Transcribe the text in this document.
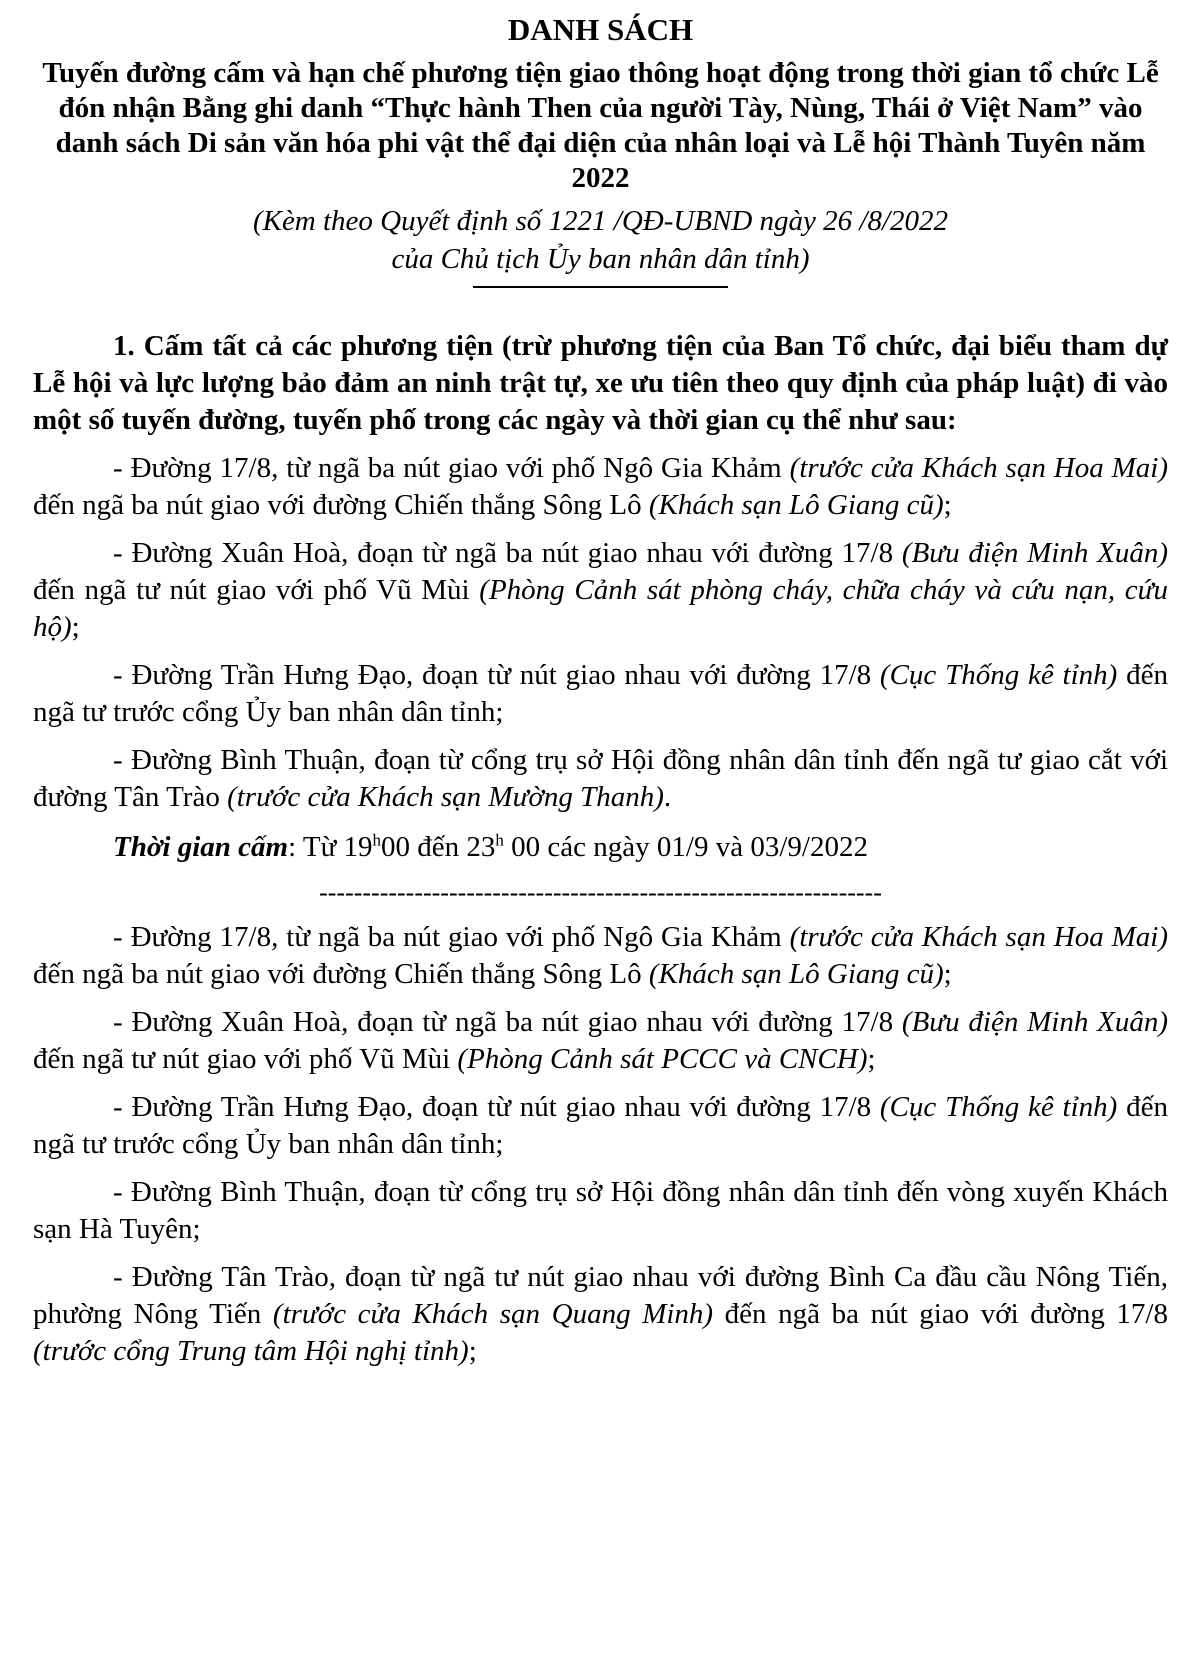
DANH SÁCH

Tuyến đường cấm và hạn chế phương tiện giao thông hoạt động trong thời gian tổ chức Lễ đón nhận Bằng ghi danh “Thực hành Then của người Tày, Nùng, Thái ở Việt Nam” vào danh sách Di sản văn hóa phi vật thể đại diện của nhân loại và Lễ hội Thành Tuyên năm 2022

(Kèm theo Quyết định số 1221 /QĐ-UBND ngày 26 /8/2022
của Chủ tịch Ủy ban nhân dân tỉnh)

1. Cấm tất cả các phương tiện (trừ phương tiện của Ban Tổ chức, đại biểu tham dự Lễ hội và lực lượng bảo đảm an ninh trật tự, xe ưu tiên theo quy định của pháp luật) đi vào một số tuyến đường, tuyến phố trong các ngày và thời gian cụ thể như sau:

- Đường 17/8, từ ngã ba nút giao với phố Ngô Gia Khảm (trước cửa Khách sạn Hoa Mai) đến ngã ba nút giao với đường Chiến thắng Sông Lô (Khách sạn Lô Giang cũ);

- Đường Xuân Hoà, đoạn từ ngã ba nút giao nhau với đường 17/8 (Bưu điện Minh Xuân) đến ngã tư nút giao với phố Vũ Mùi (Phòng Cảnh sát phòng cháy, chữa cháy và cứu nạn, cứu hộ);

- Đường Trần Hưng Đạo, đoạn từ nút giao nhau với đường 17/8 (Cục Thống kê tỉnh) đến ngã tư trước cổng Ủy ban nhân dân tỉnh;

- Đường Bình Thuận, đoạn từ cổng trụ sở Hội đồng nhân dân tỉnh đến ngã tư giao cắt với đường Tân Trào (trước cửa Khách sạn Mường Thanh).

Thời gian cấm: Từ 19$^h$00 đến 23$^h$ 00 các ngày 01/9 và 03/9/2022

-----------------------------------------------------------------

- Đường 17/8, từ ngã ba nút giao với phố Ngô Gia Khảm (trước cửa Khách sạn Hoa Mai) đến ngã ba nút giao với đường Chiến thắng Sông Lô (Khách sạn Lô Giang cũ);

- Đường Xuân Hoà, đoạn từ ngã ba nút giao nhau với đường 17/8 (Bưu điện Minh Xuân) đến ngã tư nút giao với phố Vũ Mùi (Phòng Cảnh sát PCCC và CNCH);

- Đường Trần Hưng Đạo, đoạn từ nút giao nhau với đường 17/8 (Cục Thống kê tỉnh) đến ngã tư trước cổng Ủy ban nhân dân tỉnh;

- Đường Bình Thuận, đoạn từ cổng trụ sở Hội đồng nhân dân tỉnh đến vòng xuyến Khách sạn Hà Tuyên;

- Đường Tân Trào, đoạn từ ngã tư nút giao nhau với đường Bình Ca đầu cầu Nông Tiến, phường Nông Tiến (trước cửa Khách sạn Quang Minh) đến ngã ba nút giao với đường 17/8 (trước cổng Trung tâm Hội nghị tỉnh);
